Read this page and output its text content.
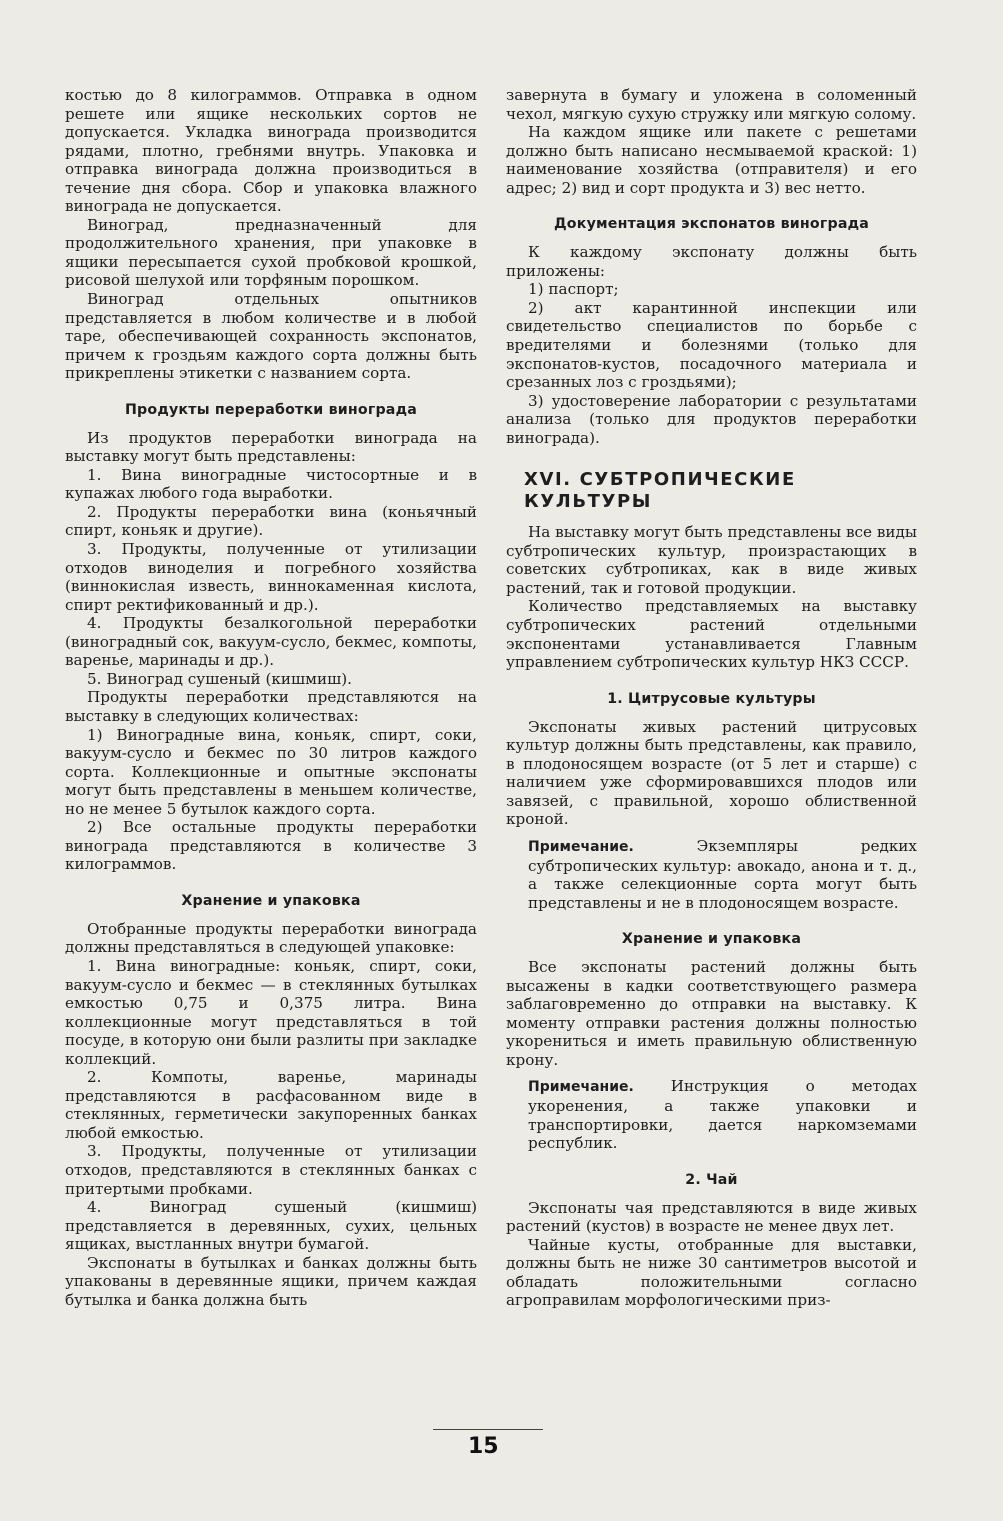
костью до 8 килограммов. Отправка в одном решете или ящике нескольких сортов не допускается. Укладка винограда производится рядами, плотно, гребнями внутрь. Упаковка и отправка винограда должна производиться в течение дня сбора. Сбор и упаковка влажного винограда не допускается.

Виноград, предназначенный для продолжительного хранения, при упаковке в ящики пересыпается сухой пробковой крошкой, рисовой шелухой или торфяным порошком.

Виноград отдельных опытников представляется в любом количестве и в любой таре, обеспечивающей сохранность экспонатов, причем к гроздьям каждого сорта должны быть прикреплены этикетки с названием сорта.

Продукты переработки винограда

Из продуктов переработки винограда на выставку могут быть представлены:

1. Вина виноградные чистосортные и в купажах любого года выработки.

2. Продукты переработки вина (коньячный спирт, коньяк и другие).

3. Продукты, полученные от утилизации отходов виноделия и погребного хозяйства (виннокислая известь, виннокаменная кислота, спирт ректификованный и др.).

4. Продукты безалкогольной переработки (виноградный сок, вакуум-сусло, бекмес, компоты, варенье, маринады и др.).

5. Виноград сушеный (кишмиш).

Продукты переработки представляются на выставку в следующих количествах:

1) Виноградные вина, коньяк, спирт, соки, вакуум-сусло и бекмес по 30 литров каждого сорта. Коллекционные и опытные экспонаты могут быть представлены в меньшем количестве, но не менее 5 бутылок каждого сорта.

2) Все остальные продукты переработки винограда представляются в количестве 3 килограммов.

Хранение и упаковка

Отобранные продукты переработки винограда должны представляться в следующей упаковке:

1. Вина виноградные: коньяк, спирт, соки, вакуум-сусло и бекмес — в стеклянных бутылках емкостью 0,75 и 0,375 литра. Вина коллекционные могут представляться в той посуде, в которую они были разлиты при закладке коллекций.

2. Компоты, варенье, маринады представляются в расфасованном виде в стеклянных, герметически закупоренных банках любой емкостью.

3. Продукты, полученные от утилизации отходов, представляются в стеклянных банках с притертыми пробками.

4. Виноград сушеный (кишмиш) представляется в деревянных, сухих, цельных ящиках, выстланных внутри бумагой.

Экспонаты в бутылках и банках должны быть упакованы в деревянные ящики, причем каждая бутылка и банка должна быть

завернута в бумагу и уложена в соломенный чехол, мягкую сухую стружку или мягкую солому.

На каждом ящике или пакете с решетами должно быть написано несмываемой краской: 1) наименование хозяйства (отправителя) и его адрес; 2) вид и сорт продукта и 3) вес нетто.

Документация экспонатов винограда

К каждому экспонату должны быть приложены:

1) паспорт;

2) акт карантинной инспекции или свидетельство специалистов по борьбе с вредителями и болезнями (только для экспонатов-кустов, посадочного материала и срезанных лоз с гроздьями);

3) удостоверение лаборатории с результатами анализа (только для продуктов переработки винограда).

XVI. СУБТРОПИЧЕСКИЕ КУЛЬТУРЫ

На выставку могут быть представлены все виды субтропических культур, произрастающих в советских субтропиках, как в виде живых растений, так и готовой продукции.

Количество представляемых на выставку субтропических растений отдельными экспонентами устанавливается Главным управлением субтропических культур НКЗ СССР.

1. Цитрусовые культуры

Экспонаты живых растений цитрусовых культур должны быть представлены, как правило, в плодоносящем возрасте (от 5 лет и старше) с наличием уже сформировавшихся плодов или завязей, с правильной, хорошо облиственной кроной.

Примечание.	Экземпляры редких субтропических культур: авокадо, анона и т. д., а также селекционные сорта могут быть представлены и не в плодоносящем возрасте.

Хранение и упаковка

Все экспонаты растений должны быть высажены в кадки соответствующего размера заблаговременно до отправки на выставку. К моменту отправки растения должны полностью укорениться и иметь правильную облиственную крону.

Примечание. Инструкция о методах укоренения, а также упаковки и транспортировки, дается наркомземами республик.

2. Чай

Экспонаты чая представляются в виде живых растений (кустов) в возрасте не менее двух лет.

Чайные кусты, отобранные для выставки, должны быть не ниже 30 сантиметров высотой и обладать положительными согласно агроправилам морфологическими приз-

15
